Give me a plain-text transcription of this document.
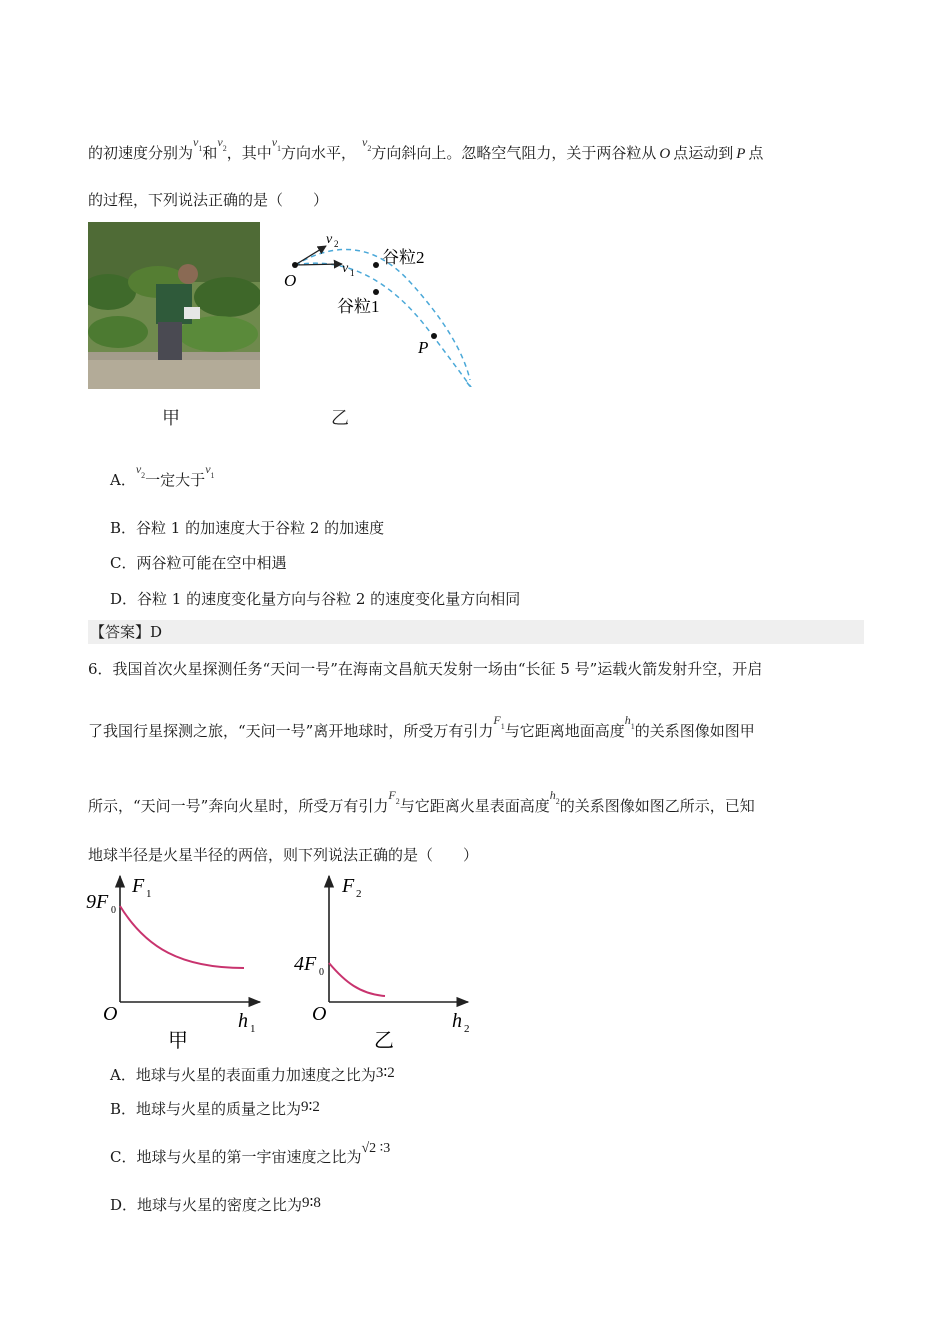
的初速度分别为$v_1$和$v_2$，其中$v_1$方向水平，$v_2$方向斜向上。忽略空气阻力，关于两谷粒从 O 点运动到 P 点
的过程，下列说法正确的是（　　）
甲
O
P
v 1
v 2
谷粒2
谷粒1
乙
A．$v_2$一定大于$v_1$
B．谷粒 1 的加速度大于谷粒 2 的加速度
C．两谷粒可能在空中相遇
D．谷粒 1 的速度变化量方向与谷粒 2 的速度变化量方向相同
【答案】D
6．我国首次火星探测任务“天问一号”在海南文昌航天发射一场由“长征 5 号”运载火箭发射升空，开启
了我国行星探测之旅，“天问一号”离开地球时，所受万有引力$F_1$与它距离地面高度$h_1$的关系图像如图甲
所示，“天问一号”奔向火星时，所受万有引力$F_2$与它距离火星表面高度$h_2$的关系图像如图乙所示，已知
地球半径是火星半径的两倍，则下列说法正确的是（　　）
F 1
9F 0
O	h 1
甲
F 2
4F 0
O	h 2
乙
A．地球与火星的表面重力加速度之比为3∶2
B．地球与火星的质量之比为9∶2
C．地球与火星的第一宇宙速度之比为√2 ∶3
D．地球与火星的密度之比为9∶8
